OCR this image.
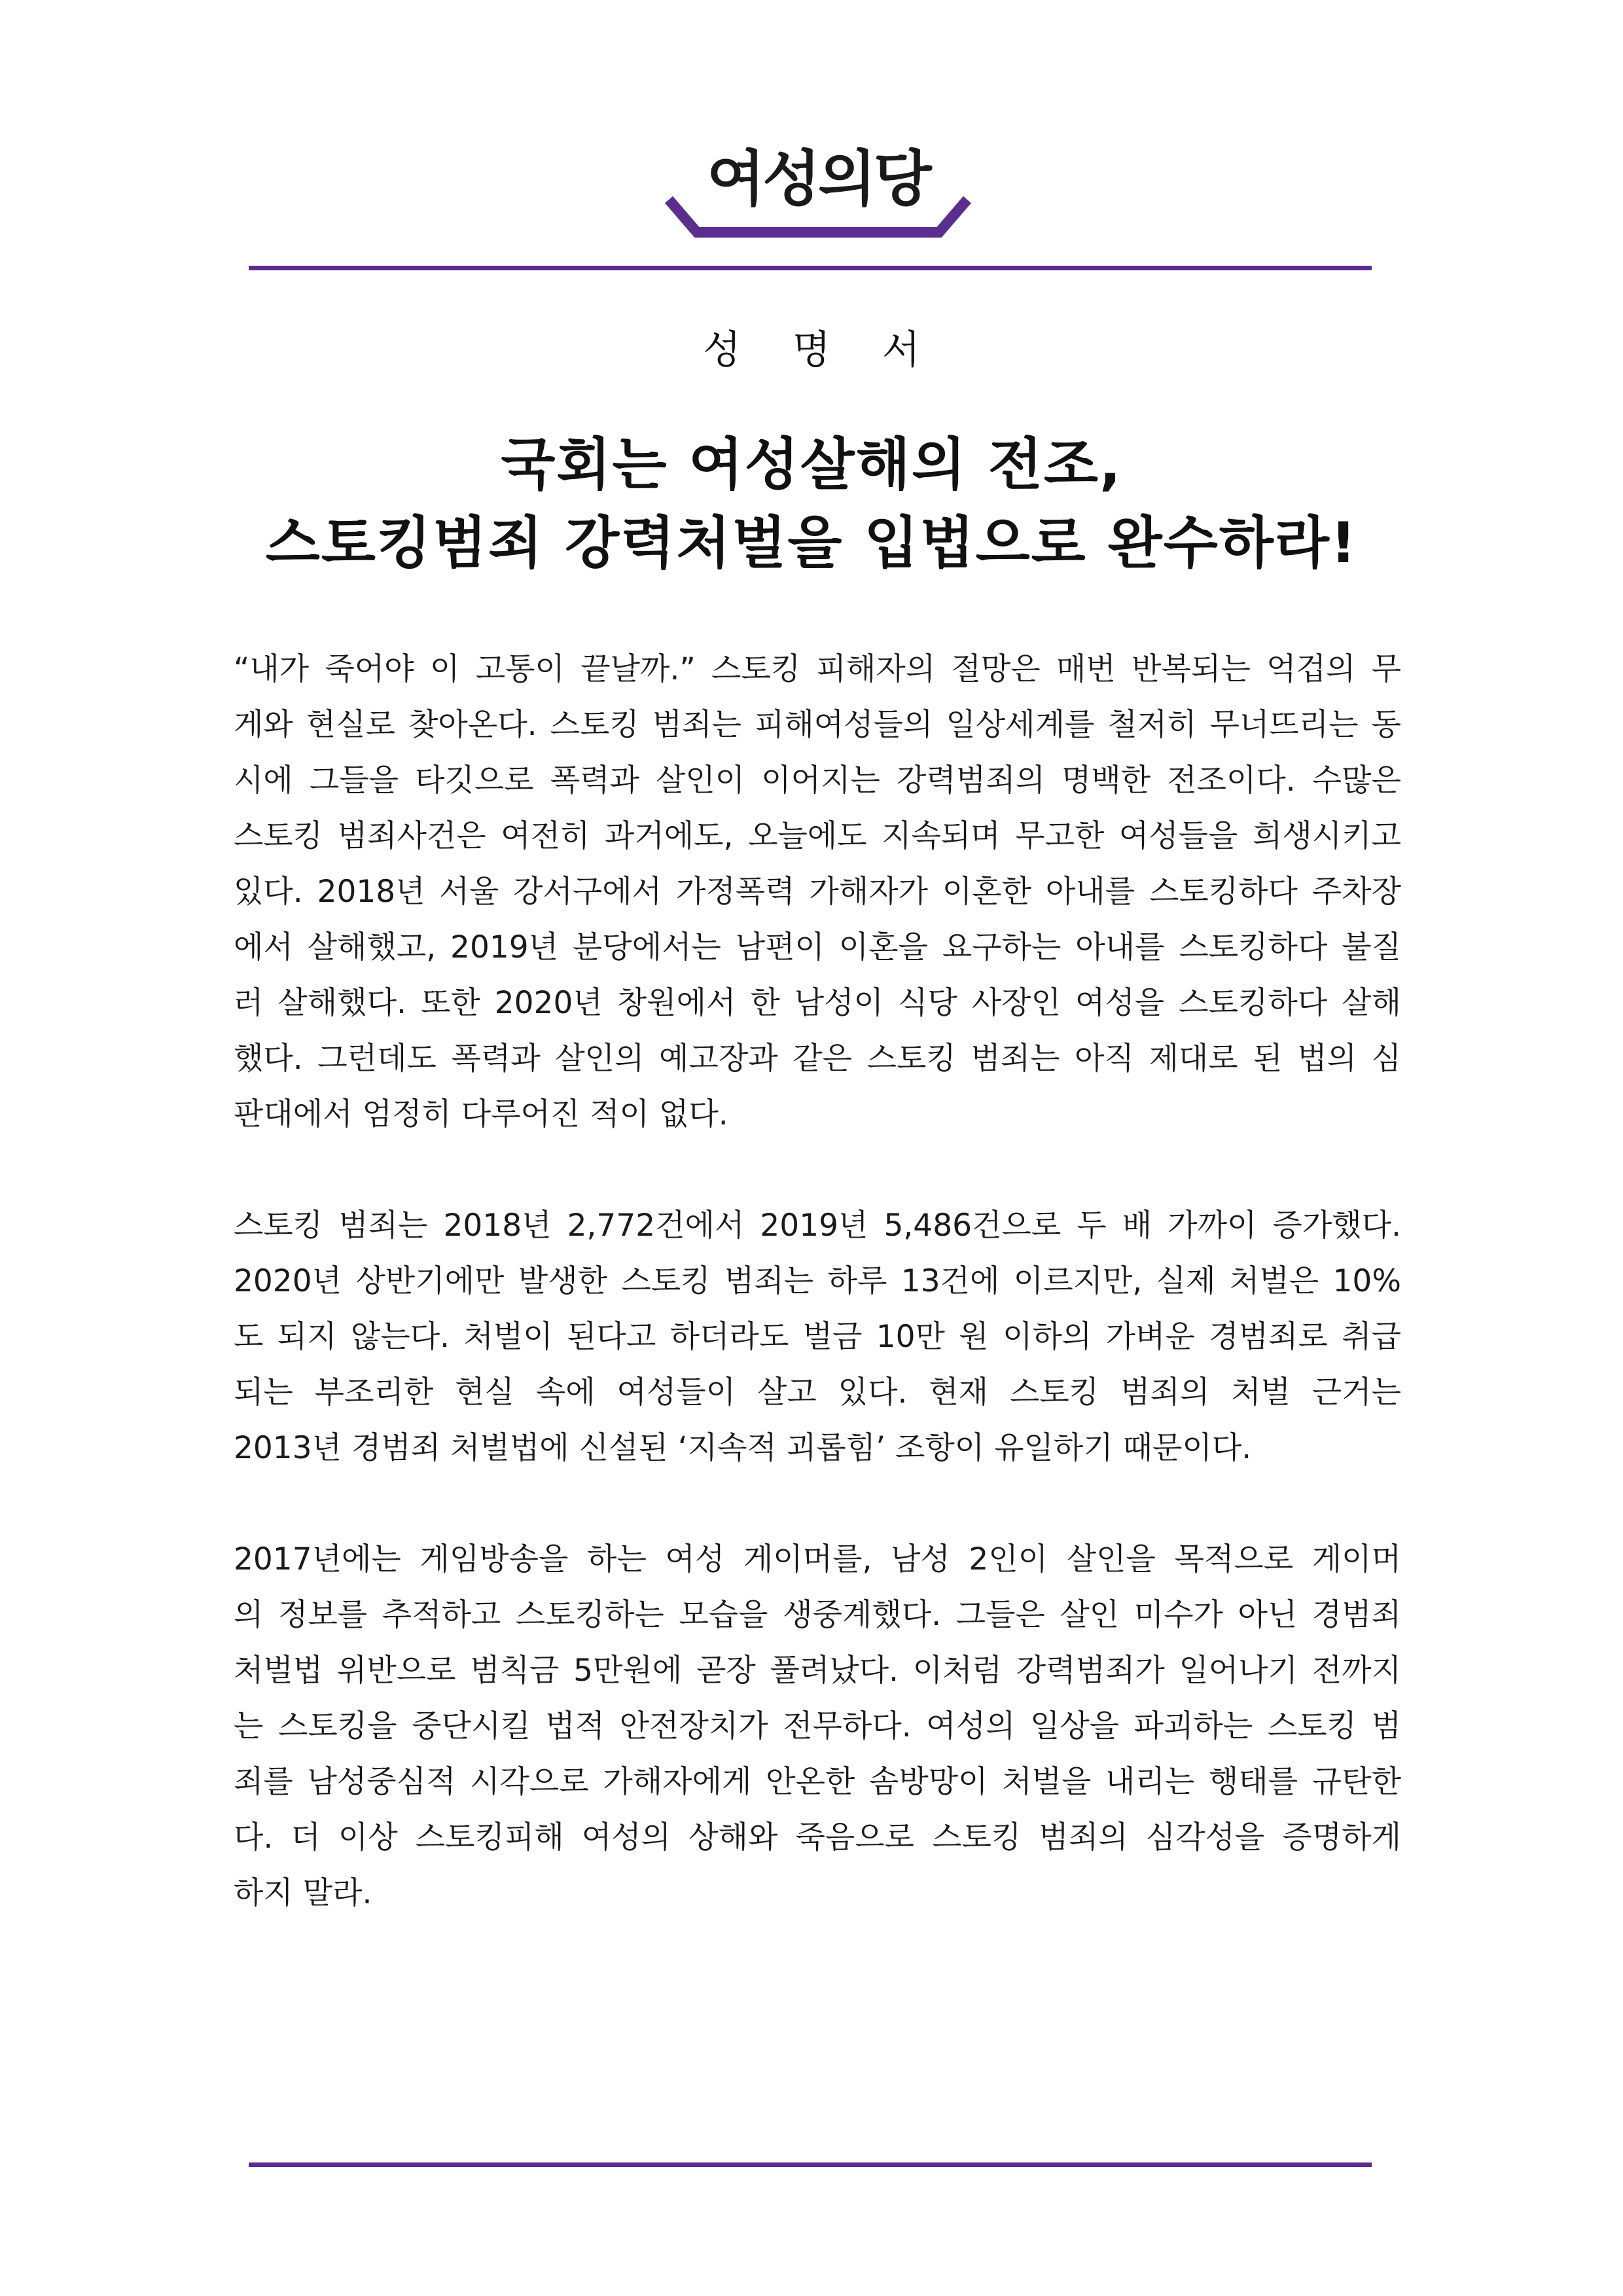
여성의당
성 명 서
국회는 여성살해의 전조,
스토킹범죄 강력처벌을 입법으로 완수하라!
“내가 죽어야 이 고통이 끝날까.” 스토킹 피해자의 절망은 매번 반복되는 억겁의 무
게와 현실로 찾아온다. 스토킹 범죄는 피해여성들의 일상세계를 철저히 무너뜨리는 동
시에 그들을 타깃으로 폭력과 살인이 이어지는 강력범죄의 명백한 전조이다. 수많은
스토킹 범죄사건은 여전히 과거에도, 오늘에도 지속되며 무고한 여성들을 희생시키고
있다. 2018년 서울 강서구에서 가정폭력 가해자가 이혼한 아내를 스토킹하다 주차장
에서 살해했고, 2019년 분당에서는 남편이 이혼을 요구하는 아내를 스토킹하다 불질
러 살해했다. 또한 2020년 창원에서 한 남성이 식당 사장인 여성을 스토킹하다 살해
했다. 그런데도 폭력과 살인의 예고장과 같은 스토킹 범죄는 아직 제대로 된 법의 심
판대에서 엄정히 다루어진 적이 없다.
스토킹 범죄는 2018년 2,772건에서 2019년 5,486건으로 두 배 가까이 증가했다.
2020년 상반기에만 발생한 스토킹 범죄는 하루 13건에 이르지만, 실제 처벌은 10%
도 되지 않는다. 처벌이 된다고 하더라도 벌금 10만 원 이하의 가벼운 경범죄로 취급
되는 부조리한 현실 속에 여성들이 살고 있다. 현재 스토킹 범죄의 처벌 근거는
2013년 경범죄 처벌법에 신설된 ‘지속적 괴롭힘’ 조항이 유일하기 때문이다.
2017년에는 게임방송을 하는 여성 게이머를, 남성 2인이 살인을 목적으로 게이머
의 정보를 추적하고 스토킹하는 모습을 생중계했다. 그들은 살인 미수가 아닌 경범죄
처벌법 위반으로 범칙금 5만원에 곧장 풀려났다. 이처럼 강력범죄가 일어나기 전까지
는 스토킹을 중단시킬 법적 안전장치가 전무하다. 여성의 일상을 파괴하는 스토킹 범
죄를 남성중심적 시각으로 가해자에게 안온한 솜방망이 처벌을 내리는 행태를 규탄한
다. 더 이상 스토킹피해 여성의 상해와 죽음으로 스토킹 범죄의 심각성을 증명하게
하지 말라.
